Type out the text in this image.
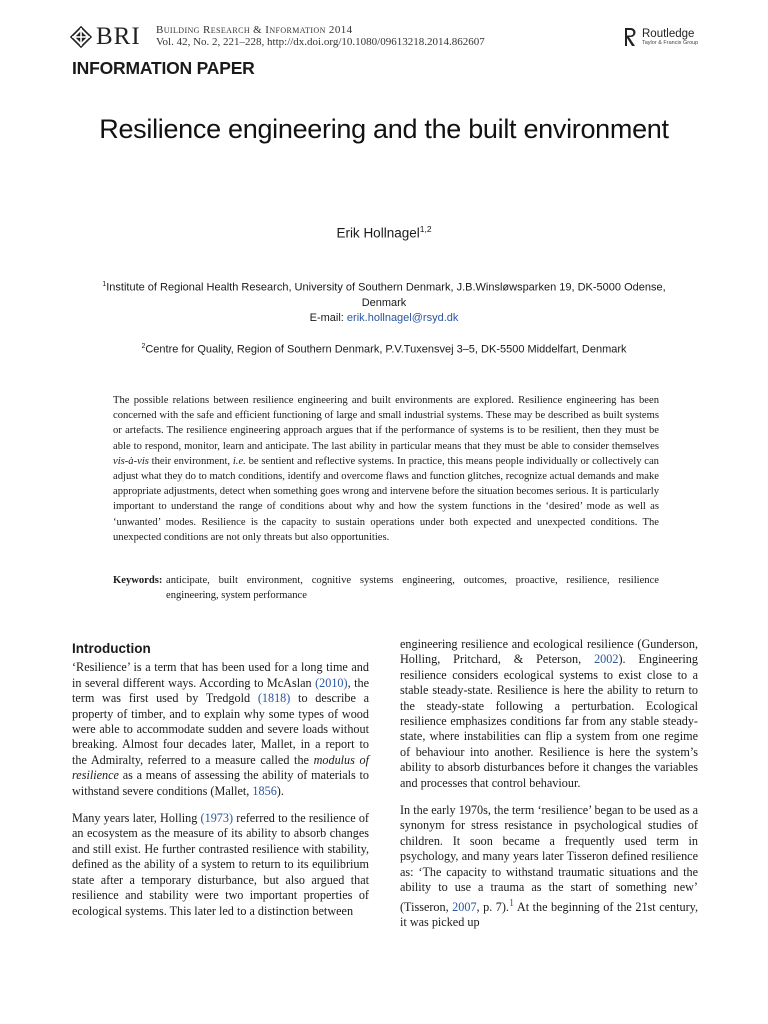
BRI Building Research & Information 2014
Vol. 42, No. 2, 221–228, http://dx.doi.org/10.1080/09613218.2014.862607
Routledge
Taylor & Francis Group
INFORMATION PAPER
Resilience engineering and the built environment
Erik Hollnagel$^{1,2}$
$^1$Institute of Regional Health Research, University of Southern Denmark, J.B.Winsløwsparken 19, DK-5000 Odense, Denmark
E-mail: erik.hollnagel@rsyd.dk
$^2$Centre for Quality, Region of Southern Denmark, P.V.Tuxensvej 3–5, DK-5500 Middelfart, Denmark
The possible relations between resilience engineering and built environments are explored. Resilience engineering has been concerned with the safe and efficient functioning of large and small industrial systems. These may be described as built systems or artefacts. The resilience engineering approach argues that if the performance of systems is to be resilient, then they must be able to respond, monitor, learn and anticipate. The last ability in particular means that they must be able to consider themselves vis-à-vis their environment, i.e. be sentient and reflective systems. In practice, this means people individually or collectively can adjust what they do to match conditions, identify and overcome flaws and function glitches, recognize actual demands and make appropriate adjustments, detect when something goes wrong and intervene before the situation becomes serious. It is particularly important to understand the range of conditions about why and how the system functions in the ‘desired’ mode as well as ‘unwanted’ modes. Resilience is the capacity to sustain operations under both expected and unexpected conditions. The unexpected conditions are not only threats but also opportunities.
Keywords: anticipate, built environment, cognitive systems engineering, outcomes, proactive, resilience, resilience engineering, system performance
Introduction

‘Resilience’ is a term that has been used for a long time and in several different ways. According to McAslan (2010), the term was first used by Tredgold (1818) to describe a property of timber, and to explain why some types of wood were able to accommodate sudden and severe loads without breaking. Almost four decades later, Mallet, in a report to the Admiralty, referred to a measure called the modulus of resilience as a means of assessing the ability of materials to withstand severe conditions (Mallet, 1856).

Many years later, Holling (1973) referred to the resilience of an ecosystem as the measure of its ability to absorb changes and still exist. He further contrasted resilience with stability, defined as the ability of a system to return to its equilibrium state after a temporary disturbance, but also argued that resilience and stability were two important properties of ecological systems. This later led to a distinction between

engineering resilience and ecological resilience (Gunderson, Holling, Pritchard, & Peterson, 2002). Engineering resilience considers ecological systems to exist close to a stable steady-state. Resilience is here the ability to return to the steady-state following a perturbation. Ecological resilience emphasizes conditions far from any stable steady-state, where instabilities can flip a system from one regime of behaviour into another. Resilience is here the system’s ability to absorb disturbances before it changes the variables and processes that control behaviour.

In the early 1970s, the term ‘resilience’ began to be used as a synonym for stress resistance in psychological studies of children. It soon became a frequently used term in psychology, and many years later Tisseron defined resilience as: ‘The capacity to withstand traumatic situations and the ability to use a trauma as the start of something new’ (Tisseron, 2007, p. 7).$^1$ At the beginning of the 21st century, it was picked up
